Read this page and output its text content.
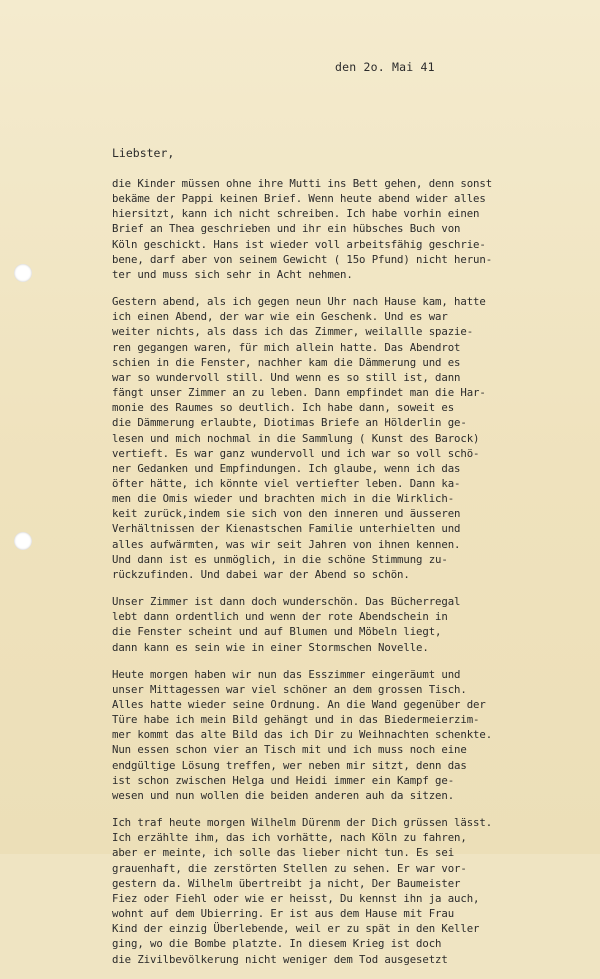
den 2o. Mai 41
Liebster,
die Kinder müssen ohne ihre Mutti ins Bett gehen, denn sonst
bekäme der Pappi keinen Brief. Wenn heute abend wider alles
hiersitzt, kann ich nicht schreiben. Ich habe vorhin einen
Brief an Thea geschrieben und ihr ein hübsches Buch von
Köln geschickt. Hans ist wieder voll arbeitsfähig geschrie-
bene, darf aber von seinem Gewicht ( 15o Pfund) nicht herun-
ter und muss sich sehr in Acht nehmen.
Gestern abend, als ich gegen neun Uhr nach Hause kam, hatte
ich einen Abend, der war wie ein Geschenk. Und es war
weiter nichts, als dass ich das Zimmer, weilallle spazie-
ren gegangen waren, für mich allein hatte. Das Abendrot
schien in die Fenster, nachher kam die Dämmerung und es
war so wundervoll still. Und wenn es so still ist, dann
fängt unser Zimmer an zu leben. Dann empfindet man die Har-
monie des Raumes so deutlich. Ich habe dann, soweit es
die Dämmerung erlaubte, Diotimas Briefe an Hölderlin ge-
lesen und mich nochmal in die Sammlung ( Kunst des Barock)
vertieft. Es war ganz wundervoll und ich war so voll schö-
ner Gedanken und Empfindungen. Ich glaube, wenn ich das
öfter hätte, ich könnte viel vertiefter leben. Dann ka-
men die Omis wieder und brachten mich in die Wirklich-
keit zurück,indem sie sich von den inneren und äusseren
Verhältnissen der Kienastschen Familie unterhielten und
alles aufwärmten, was wir seit Jahren von ihnen kennen.
Und dann ist es unmöglich, in die schöne Stimmung zu-
rückzufinden. Und dabei war der Abend so schön.
Unser Zimmer ist dann doch wunderschön. Das Bücherregal
lebt dann ordentlich und wenn der rote Abendschein in
die Fenster scheint und auf Blumen und Möbeln liegt,
dann kann es sein wie in einer Stormschen Novelle.
Heute morgen haben wir nun das Esszimmer eingeräumt und
unser Mittagessen war viel schöner an dem grossen Tisch.
Alles hatte wieder seine Ordnung. An die Wand gegenüber der
Türe habe ich mein Bild gehängt und in das Biedermeierzim-
mer kommt das alte Bild das ich Dir zu Weihnachten schenkte.
Nun essen schon vier an Tisch mit und ich muss noch eine
endgültige Lösung treffen, wer neben mir sitzt, denn das
ist schon zwischen Helga und Heidi immer ein Kampf ge-
wesen und nun wollen die beiden anderen auh da sitzen.
Ich traf heute morgen Wilhelm Dürenm der Dich grüssen lässt.
Ich erzählte ihm, das ich vorhätte, nach Köln zu fahren,
aber er meinte, ich solle das lieber nicht tun. Es sei
grauenhaft, die zerstörten Stellen zu sehen. Er war vor-
gestern da. Wilhelm übertreibt ja nicht, Der Baumeister
Fiez oder Fiehl oder wie er heisst, Du kennst ihn ja auch,
wohnt auf dem Ubierring. Er ist aus dem Hause mit Frau
Kind der einzig Überlebende, weil er zu spät in den Keller
ging, wo die Bombe platzte. In diesem Krieg ist doch
die Zivilbevölkerung nicht weniger dem Tod ausgesetzt
